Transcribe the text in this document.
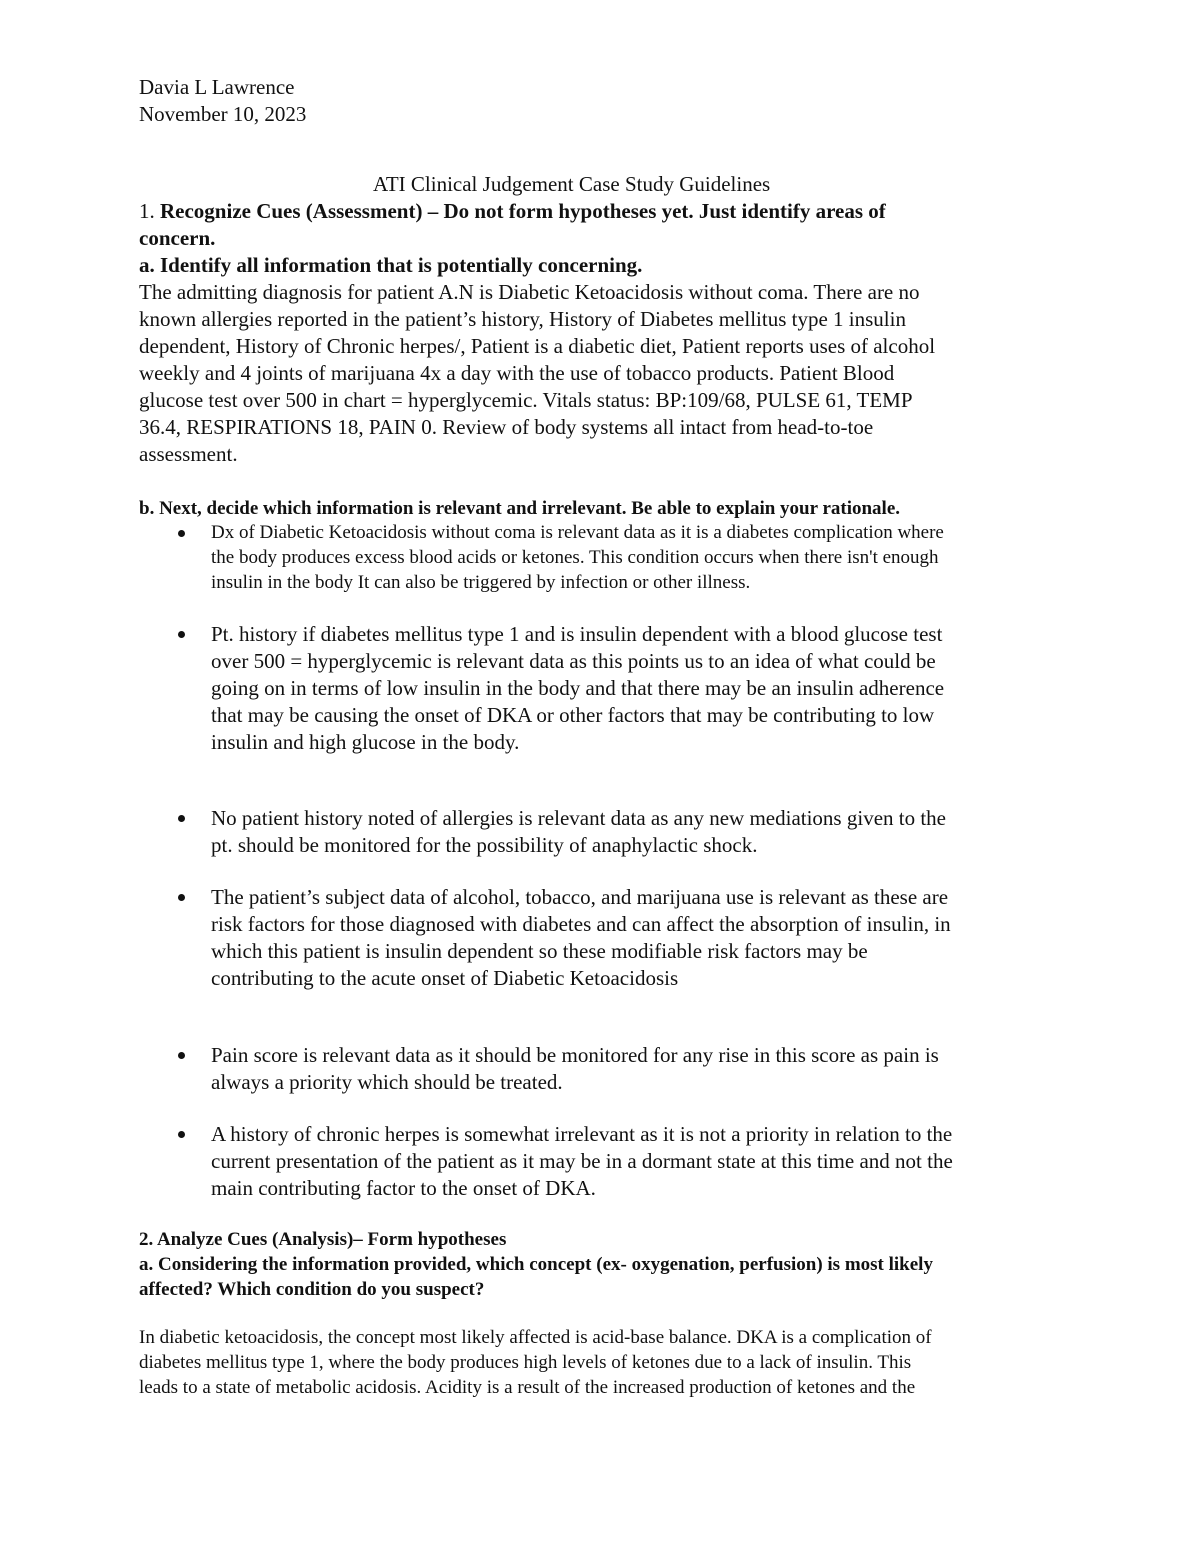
Davia L Lawrence

November 10, 2023

ATI Clinical Judgement Case Study Guidelines

1. Recognize Cues (Assessment) – Do not form hypotheses yet. Just identify areas of
concern.

a. Identify all information that is potentially concerning.

The admitting diagnosis for patient A.N is Diabetic Ketoacidosis without coma. There are no
known allergies reported in the patient’s history, History of Diabetes mellitus type 1 insulin
dependent, History of Chronic herpes/, Patient is a diabetic diet, Patient reports uses of alcohol
weekly and 4 joints of marijuana 4x a day with the use of tobacco products. Patient Blood
glucose test over 500 in chart = hyperglycemic. Vitals status: BP:109/68, PULSE 61, TEMP
36.4, RESPIRATIONS 18, PAIN 0. Review of body systems all intact from head-to-toe
assessment.

b. Next, decide which information is relevant and irrelevant. Be able to explain your rationale.

Dx of Diabetic Ketoacidosis without coma is relevant data as it is a diabetes complication where
the body produces excess blood acids or ketones. This condition occurs when there isn't enough
insulin in the body It can also be triggered by infection or other illness.
Pt. history if diabetes mellitus type 1 and is insulin dependent with a blood glucose test
over 500 = hyperglycemic is relevant data as this points us to an idea of what could be
going on in terms of low insulin in the body and that there may be an insulin adherence
that may be causing the onset of DKA or other factors that may be contributing to low
insulin and high glucose in the body.
No patient history noted of allergies is relevant data as any new mediations given to the
pt. should be monitored for the possibility of anaphylactic shock.
The patient’s subject data of alcohol, tobacco, and marijuana use is relevant as these are
risk factors for those diagnosed with diabetes and can affect the absorption of insulin, in
which this patient is insulin dependent so these modifiable risk factors may be
contributing to the acute onset of Diabetic Ketoacidosis
Pain score is relevant data as it should be monitored for any rise in this score as pain is
always a priority which should be treated.
A history of chronic herpes is somewhat irrelevant as it is not a priority in relation to the
current presentation of the patient as it may be in a dormant state at this time and not the
main contributing factor to the onset of DKA.

2. Analyze Cues (Analysis)– Form hypotheses

a. Considering the information provided, which concept (ex- oxygenation, perfusion) is most likely
affected? Which condition do you suspect?
In diabetic ketoacidosis, the concept most likely affected is acid-base balance. DKA is a complication of
diabetes mellitus type 1, where the body produces high levels of ketones due to a lack of insulin. This
leads to a state of metabolic acidosis. Acidity is a result of the increased production of ketones and the
